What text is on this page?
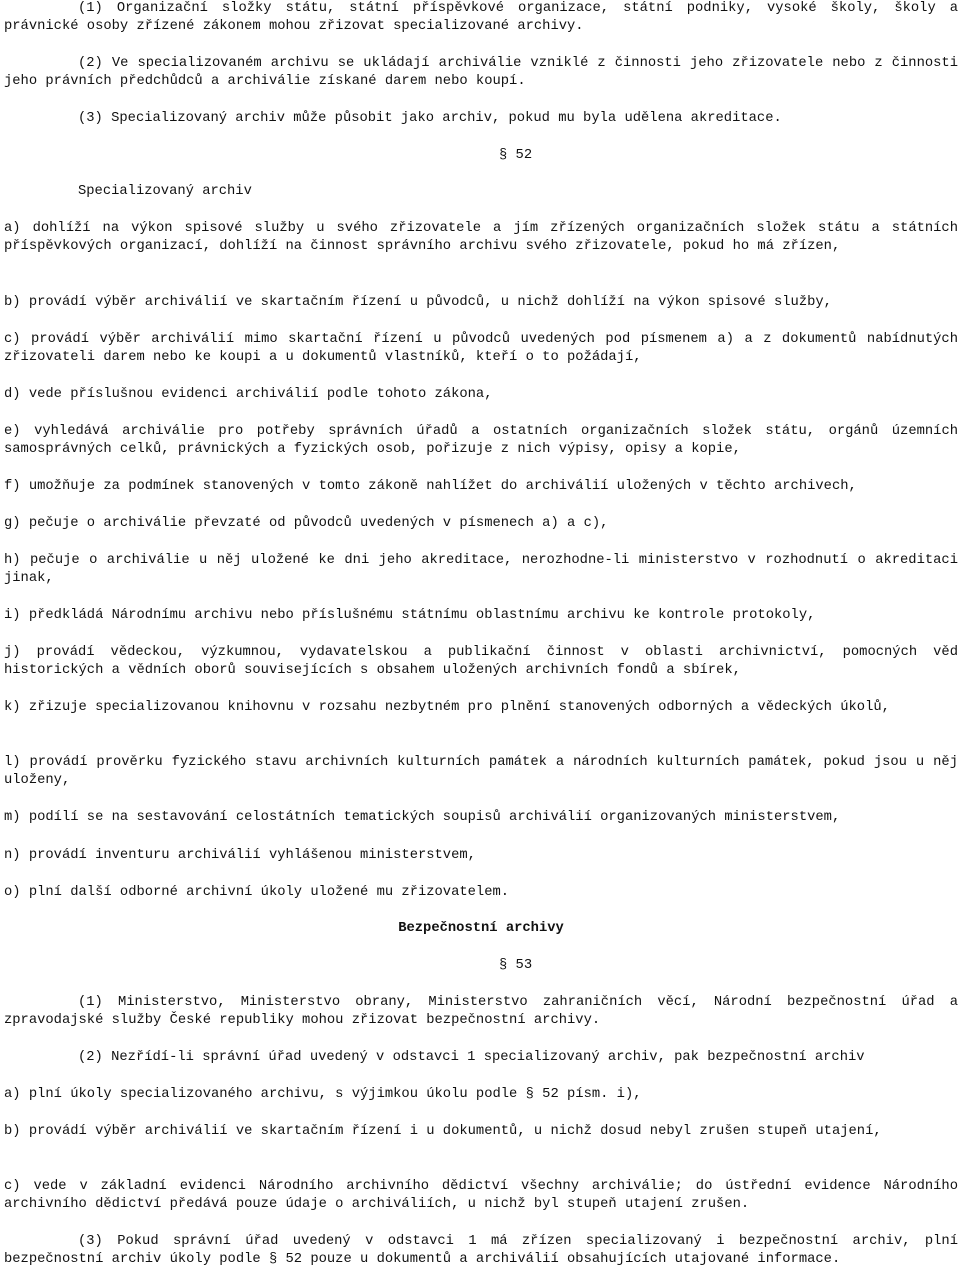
(1) Organizační složky státu, státní příspěvkové organizace, státní podniky, vysoké školy, školy a právnické osoby zřízené zákonem mohou zřizovat specializované archivy.

(2) Ve specializovaném archivu se ukládají archiválie vzniklé z činnosti jeho zřizovatele nebo z činnosti jeho právních předchůdců a archiválie získané darem nebo koupí.

(3) Specializovaný archiv může působit jako archiv, pokud mu byla udělena akreditace.

§ 52

Specializovaný archiv

a) dohlíží na výkon spisové služby u svého zřizovatele a jím zřízených organizačních složek státu a státních příspěvkových organizací, dohlíží na činnost správního archivu svého zřizovatele, pokud ho má zřízen,

b) provádí výběr archiválií ve skartačním řízení u původců, u nichž dohlíží na výkon spisové služby,

c) provádí výběr archiválií mimo skartační řízení u původců uvedených pod písmenem a) a z dokumentů nabídnutých zřizovateli darem nebo ke koupi a u dokumentů vlastníků, kteří o to požádají,

d) vede příslušnou evidenci archiválií podle tohoto zákona,

e) vyhledává archiválie pro potřeby správních úřadů a ostatních organizačních složek státu, orgánů územních samosprávných celků, právnických a fyzických osob, pořizuje z nich výpisy, opisy a kopie,

f) umožňuje za podmínek stanovených v tomto zákoně nahlížet do archiválií uložených v těchto archivech,

g) pečuje o archiválie převzaté od původců uvedených v písmenech a) a c),

h) pečuje o archiválie u něj uložené ke dni jeho akreditace, nerozhodne-li ministerstvo v rozhodnutí o akreditaci jinak,

i) předkládá Národnímu archivu nebo příslušnému státnímu oblastnímu archivu ke kontrole protokoly,

j) provádí vědeckou, výzkumnou, vydavatelskou a publikační činnost v oblasti archivnictví, pomocných věd historických a vědních oborů souvisejících s obsahem uložených archivních fondů a sbírek,

k) zřizuje specializovanou knihovnu v rozsahu nezbytném pro plnění stanovených odborných a vědeckých úkolů,

l) provádí prověrku fyzického stavu archivních kulturních památek a národních kulturních památek, pokud jsou u něj uloženy,

m) podílí se na sestavování celostátních tematických soupisů archiválií organizovaných ministerstvem,

n) provádí inventuru archiválií vyhlášenou ministerstvem,

o) plní další odborné archivní úkoly uložené mu zřizovatelem.

Bezpečnostní archivy

§ 53

(1) Ministerstvo, Ministerstvo obrany, Ministerstvo zahraničních věcí, Národní bezpečnostní úřad a zpravodajské služby České republiky mohou zřizovat bezpečnostní archivy.

(2) Nezřídí-li správní úřad uvedený v odstavci 1 specializovaný archiv, pak bezpečnostní archiv

a) plní úkoly specializovaného archivu, s výjimkou úkolu podle § 52 písm. i),

b) provádí výběr archiválií ve skartačním řízení i u dokumentů, u nichž dosud nebyl zrušen stupeň utajení,

c) vede v základní evidenci Národního archivního dědictví všechny archiválie; do ústřední evidence Národního archivního dědictví předává pouze údaje o archiváliích, u nichž byl stupeň utajení zrušen.

(3) Pokud správní úřad uvedený v odstavci 1 má zřízen specializovaný i bezpečnostní archiv, plní bezpečnostní archiv úkoly podle § 52 pouze u dokumentů a archiválií obsahujících utajované informace.
